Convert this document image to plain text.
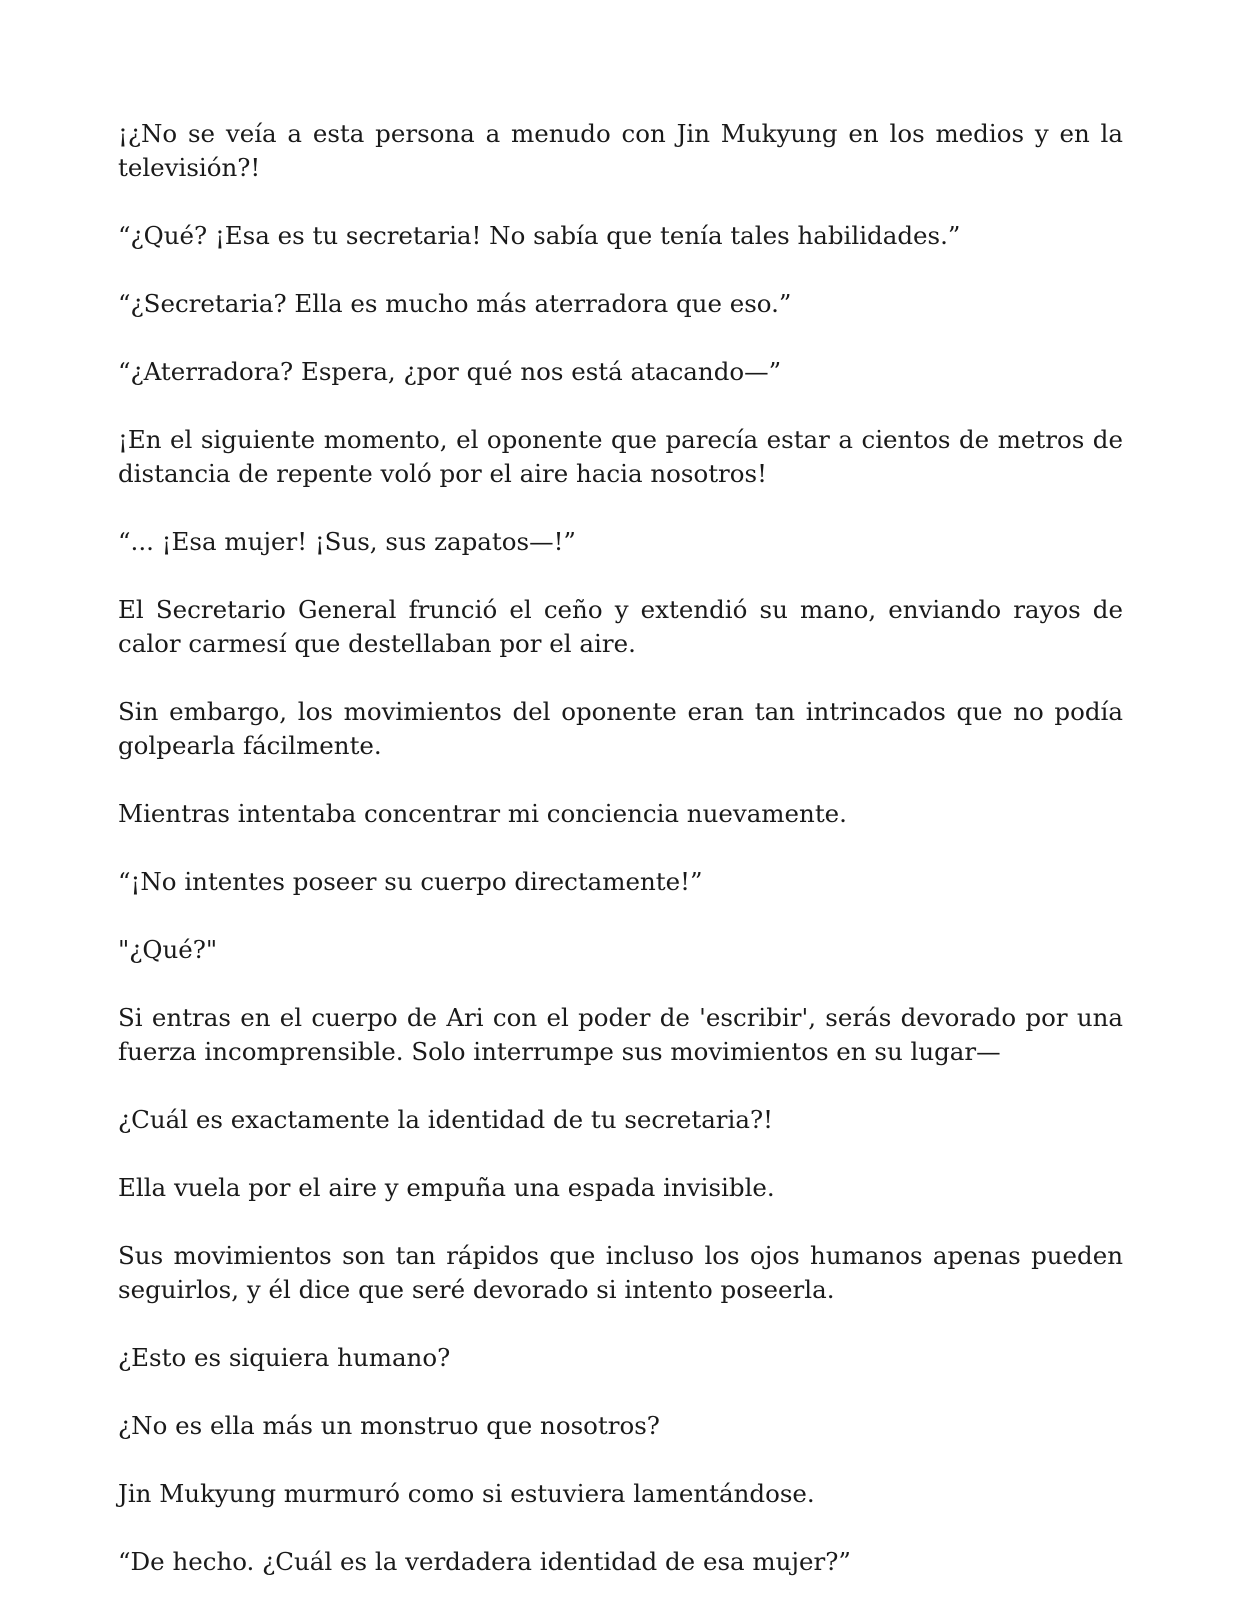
¡¿No se veía a esta persona a menudo con Jin Mukyung en los medios y en la televisión?!

“¿Qué? ¡Esa es tu secretaria! No sabía que tenía tales habilidades.”

“¿Secretaria? Ella es mucho más aterradora que eso.”

“¿Aterradora? Espera, ¿por qué nos está atacando—”

¡En el siguiente momento, el oponente que parecía estar a cientos de metros de distancia de repente voló por el aire hacia nosotros!

“... ¡Esa mujer! ¡Sus, sus zapatos—!”

El Secretario General frunció el ceño y extendió su mano, enviando rayos de calor carmesí que destellaban por el aire.

Sin embargo, los movimientos del oponente eran tan intrincados que no podía golpearla fácilmente.

Mientras intentaba concentrar mi conciencia nuevamente.

“¡No intentes poseer su cuerpo directamente!”

"¿Qué?"

Si entras en el cuerpo de Ari con el poder de 'escribir', serás devorado por una fuerza incomprensible. Solo interrumpe sus movimientos en su lugar—

¿Cuál es exactamente la identidad de tu secretaria?!

Ella vuela por el aire y empuña una espada invisible.

Sus movimientos son tan rápidos que incluso los ojos humanos apenas pueden seguirlos, y él dice que seré devorado si intento poseerla.

¿Esto es siquiera humano?

¿No es ella más un monstruo que nosotros?

Jin Mukyung murmuró como si estuviera lamentándose.

“De hecho. ¿Cuál es la verdadera identidad de esa mujer?”
